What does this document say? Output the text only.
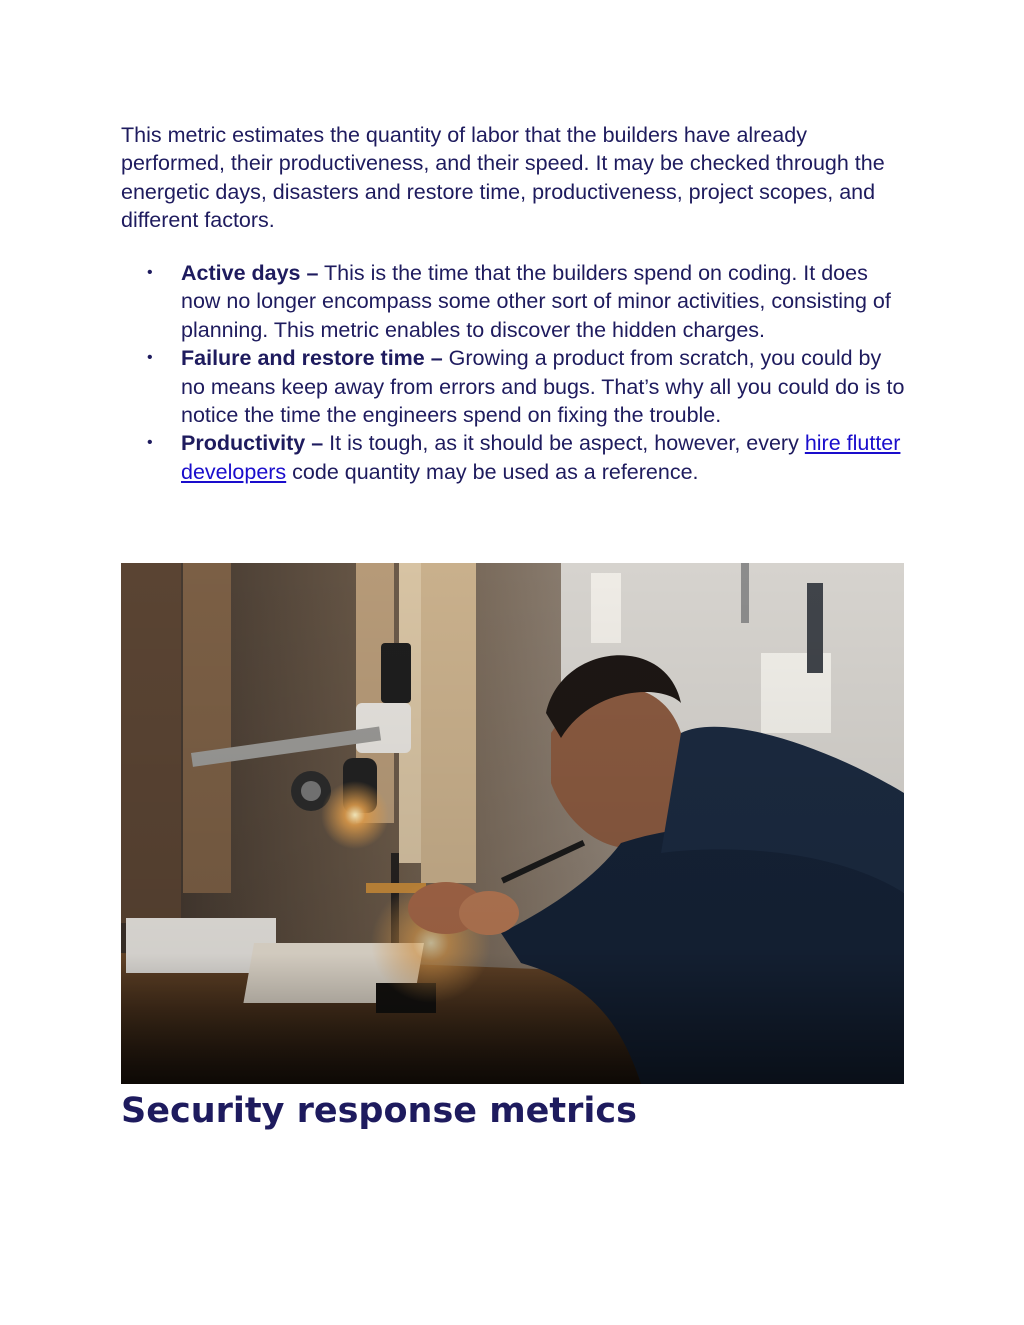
This metric estimates the quantity of labor that the builders have already performed, their productiveness, and their speed. It may be checked through the energetic days, disasters and restore time, productiveness, project scopes, and different factors.

• Active days – This is the time that the builders spend on coding. It does now no longer encompass some other sort of minor activities, consisting of planning. This metric enables to discover the hidden charges.
• Failure and restore time – Growing a product from scratch, you could by no means keep away from errors and bugs. That’s why all you could do is to notice the time the engineers spend on fixing the trouble.
• Productivity – It is tough, as it should be aspect, however, every hire flutter developers code quantity may be used as a reference.
Security response metrics
